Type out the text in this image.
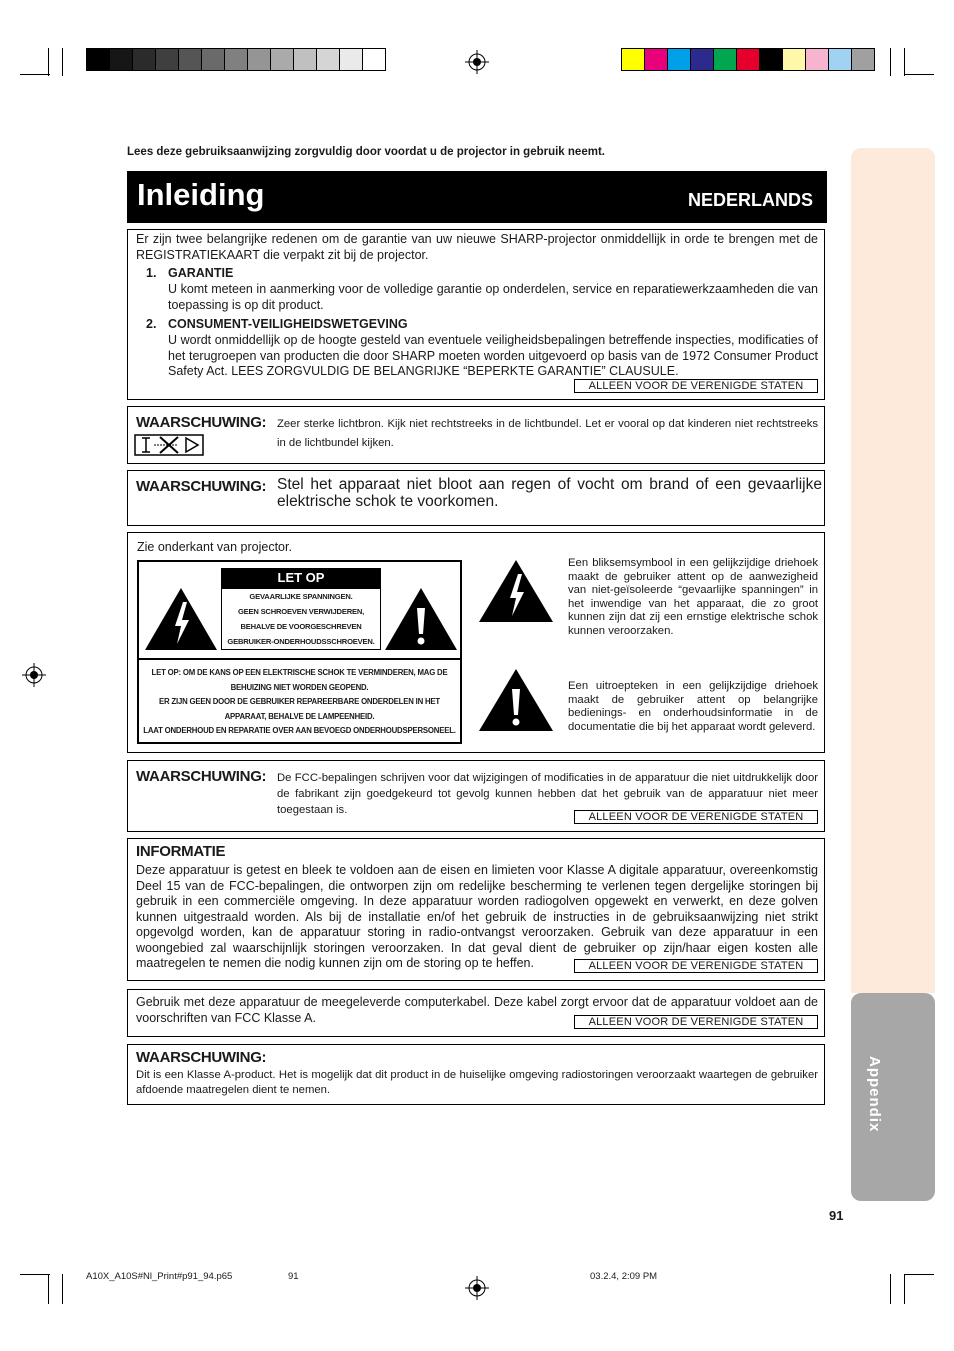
Appendix
Lees deze gebruiksaanwijzing zorgvuldig door voordat u de projector in gebruik neemt.
Inleiding	NEDERLANDS
Er zijn twee belangrijke redenen om de garantie van uw nieuwe SHARP-projector onmiddellijk in orde te brengen met de REGISTRATIEKAART die verpakt zit bij de projector.
1. GARANTIE
U komt meteen in aanmerking voor de volledige garantie op onderdelen, service en reparatiewerkzaamheden die van toepassing is op dit product.
2. CONSUMENT-VEILIGHEIDSWETGEVING
U wordt onmiddellijk op de hoogte gesteld van eventuele veiligheidsbepalingen betreffende inspecties, modificaties of het terugroepen van producten die door SHARP moeten worden uitgevoerd op basis van de 1972 Consumer Product Safety Act. LEES ZORGVULDIG DE BELANGRIJKE “BEPERKTE GARANTIE” CLAUSULE.
ALLEEN VOOR DE VERENIGDE STATEN
WAARSCHUWING: Zeer sterke lichtbron. Kijk niet rechtstreeks in de lichtbundel. Let er vooral op dat kinderen niet rechtstreeks in de lichtbundel kijken.
WAARSCHUWING: Stel het apparaat niet bloot aan regen of vocht om brand of een gevaarlijke elektrische schok te voorkomen.
Zie onderkant van projector.
LET OP
GEVAARLIJKE SPANNINGEN.
GEEN SCHROEVEN VERWIJDEREN,
BEHALVE DE VOORGESCHREVEN
GEBRUIKER-ONDERHOUDSSCHROEVEN.
LET OP: OM DE KANS OP EEN ELEKTRISCHE SCHOK TE VERMINDEREN, MAG DE
BEHUIZING NIET WORDEN GEOPEND.
ER ZIJN GEEN DOOR DE GEBRUIKER REPAREERBARE ONDERDELEN IN HET
APPARAAT, BEHALVE DE LAMPEENHEID.
LAAT ONDERHOUD EN REPARATIE OVER AAN BEVOEGD ONDERHOUDSPERSONEEL.
Een bliksemsymbool in een gelijkzijdige driehoek maakt de gebruiker attent op de aanwezigheid van niet-geïsoleerde “gevaarlijke spanningen” in het inwendige van het apparaat, die zo groot kunnen zijn dat zij een ernstige elektrische schok kunnen veroorzaken.
Een uitroepteken in een gelijkzijdige driehoek maakt de gebruiker attent op belangrijke bedienings- en onderhoudsinformatie in de documentatie die bij het apparaat wordt geleverd.
WAARSCHUWING: De FCC-bepalingen schrijven voor dat wijzigingen of modificaties in de apparatuur die niet uitdrukkelijk door de fabrikant zijn goedgekeurd tot gevolg kunnen hebben dat het gebruik van de apparatuur niet meer toegestaan is.
ALLEEN VOOR DE VERENIGDE STATEN
INFORMATIE
Deze apparatuur is getest en bleek te voldoen aan de eisen en limieten voor Klasse A digitale apparatuur, overeenkomstig Deel 15 van de FCC-bepalingen, die ontworpen zijn om redelijke bescherming te verlenen tegen dergelijke storingen bij gebruik in een commerciële omgeving. In deze apparatuur worden radiogolven opgewekt en verwerkt, en deze golven kunnen uitgestraald worden. Als bij de installatie en/of het gebruik de instructies in de gebruiksaanwijzing niet strikt opgevolgd worden, kan de apparatuur storing in radio-ontvangst veroorzaken. Gebruik van deze apparatuur in een woongebied zal waarschijnlijk storingen veroorzaken. In dat geval dient de gebruiker op zijn/haar eigen kosten alle maatregelen te nemen die nodig kunnen zijn om de storing op te heffen.	ALLEEN VOOR DE VERENIGDE STATEN
Gebruik met deze apparatuur de meegeleverde computerkabel. Deze kabel zorgt ervoor dat de apparatuur voldoet aan de voorschriften van FCC Klasse A.	ALLEEN VOOR DE VERENIGDE STATEN
WAARSCHUWING:
Dit is een Klasse A-product. Het is mogelijk dat dit product in de huiselijke omgeving radiostoringen veroorzaakt waartegen de gebruiker afdoende maatregelen dient te nemen.
91
A10X_A10S#Nl_Print#p91_94.p65	91	03.2.4, 2:09 PM
